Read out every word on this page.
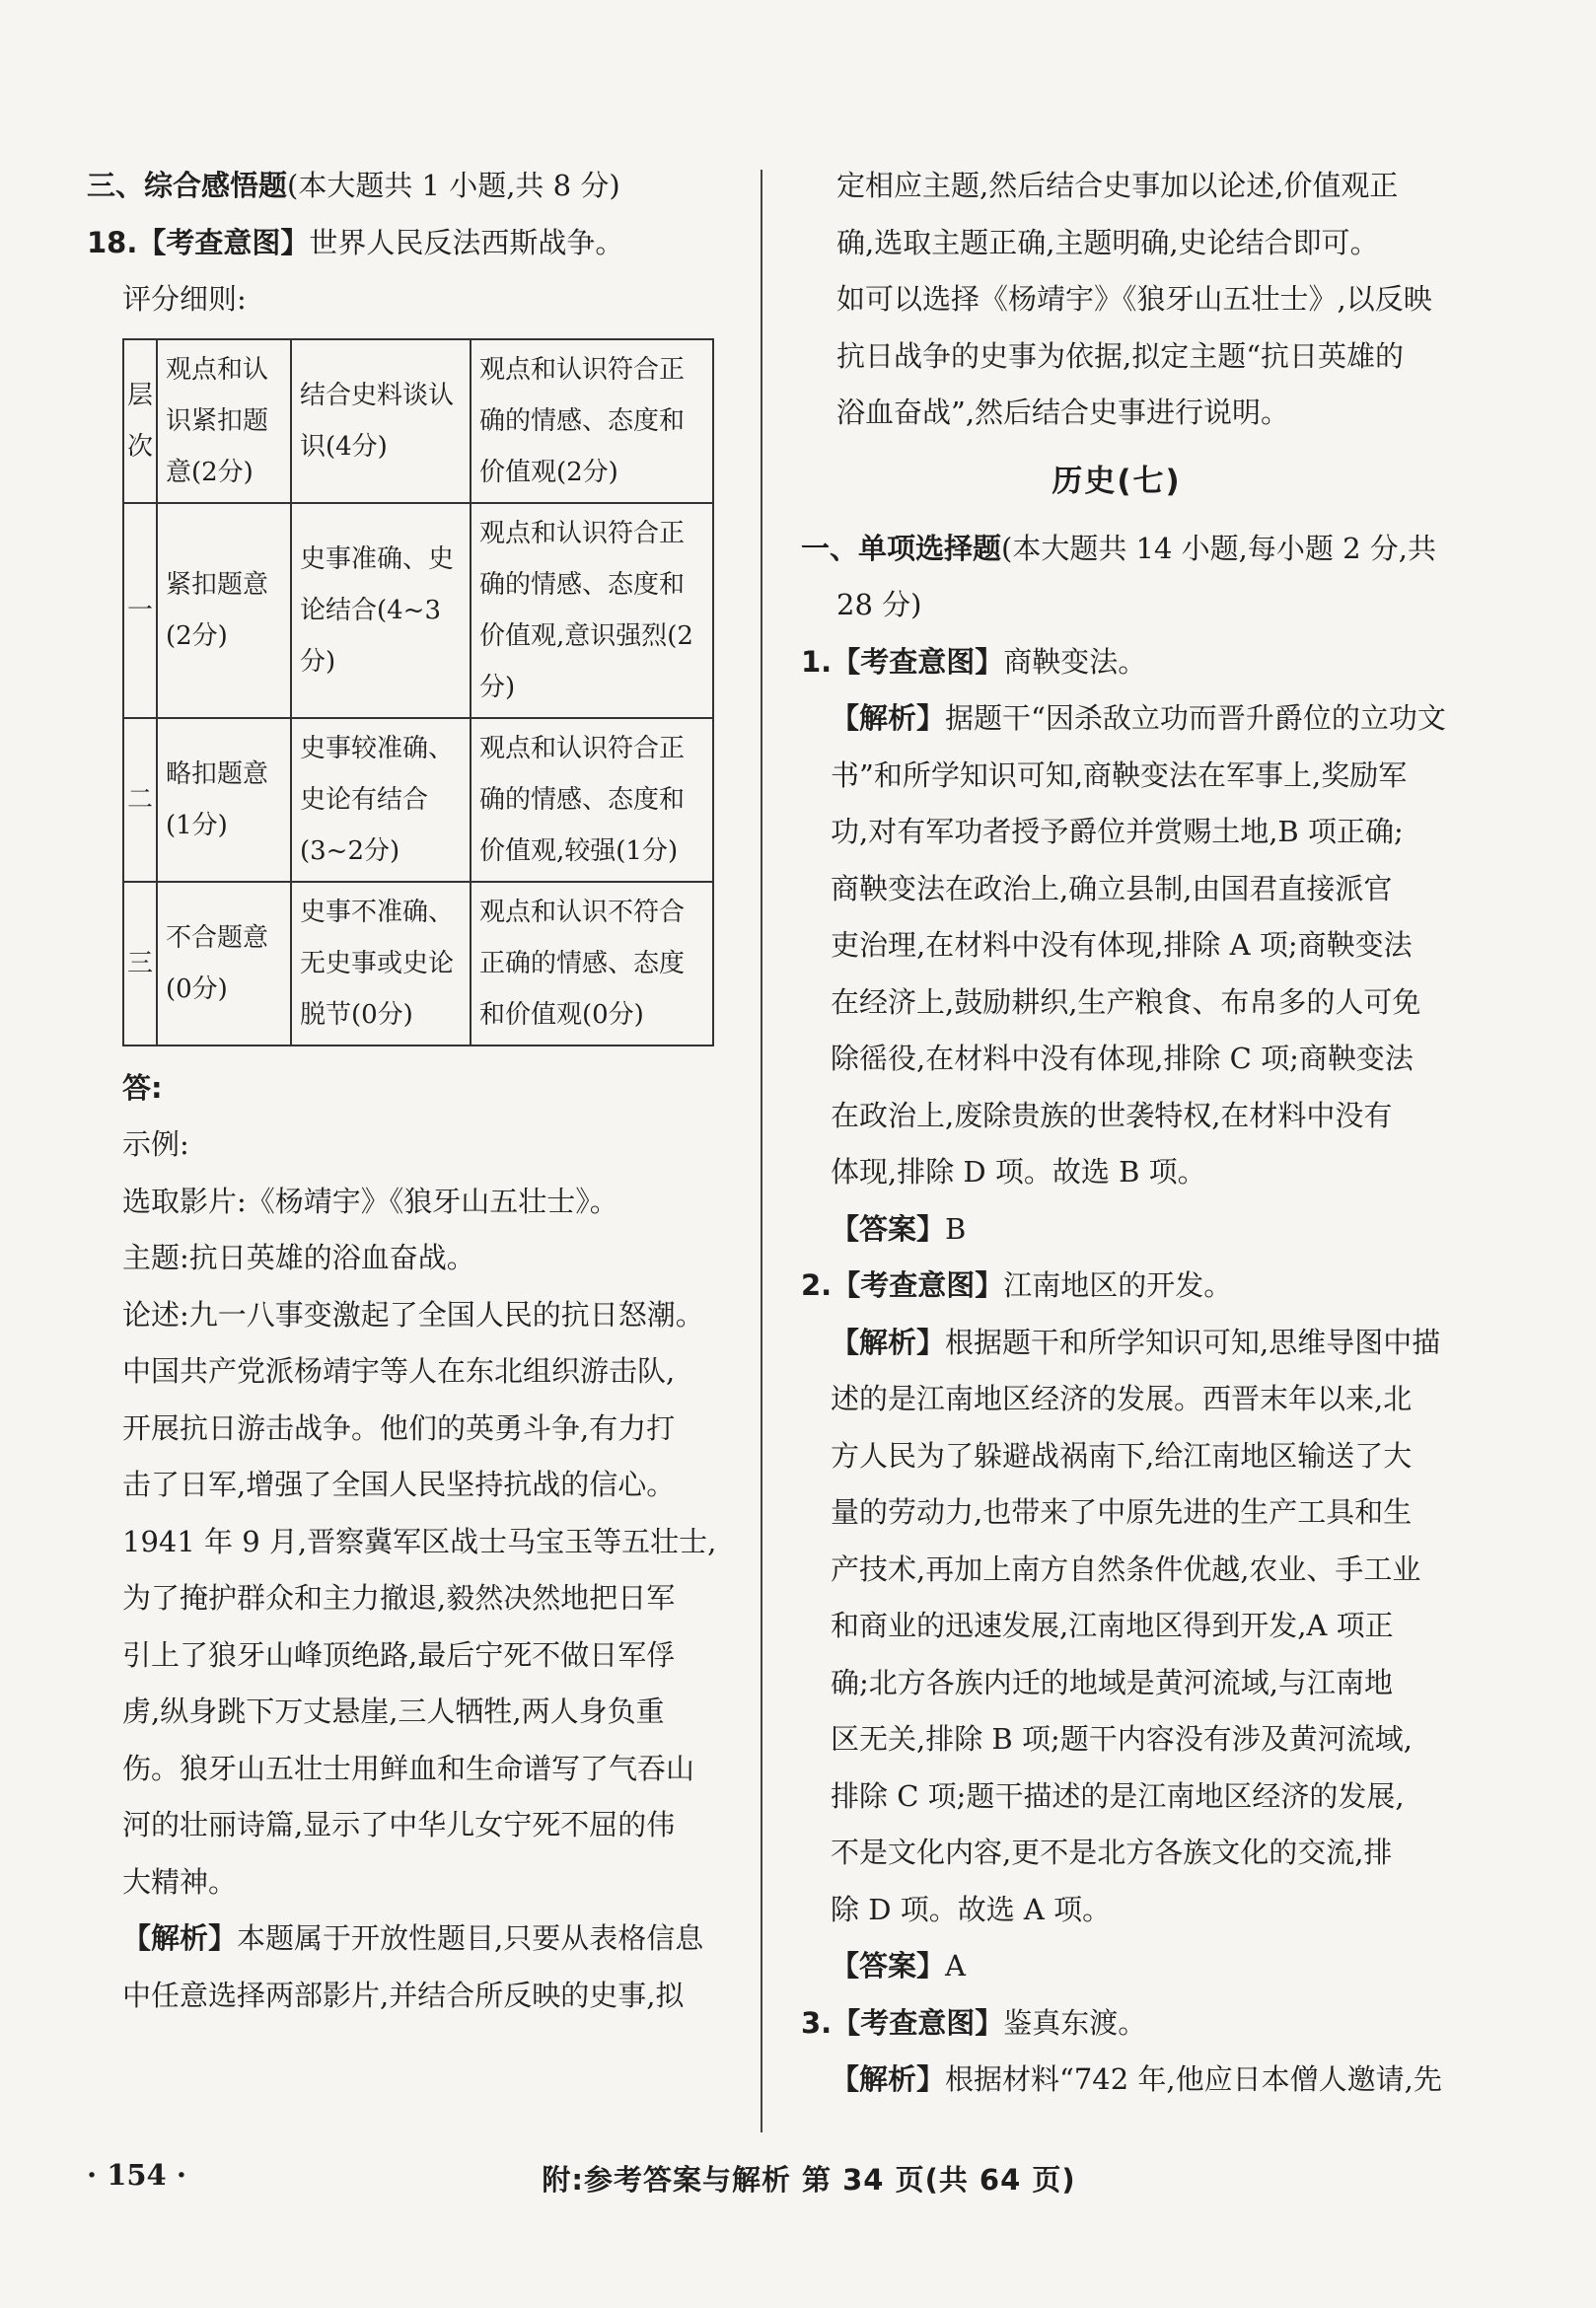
三、综合感悟题(本大题共 1 小题,共 8 分)
18.【考查意图】世界人民反法西斯战争。
评分细则:
层次	观点和认识紧扣题意(2分)	结合史料谈认识(4分)	观点和认识符合正确的情感、态度和价值观(2分)
一	紧扣题意(2分)	史事准确、史论结合(4~3分)	观点和认识符合正确的情感、态度和价值观,意识强烈(2分)
二	略扣题意(1分)	史事较准确、史论有结合(3~2分)	观点和认识符合正确的情感、态度和价值观,较强(1分)
三	不合题意(0分)	史事不准确、无史事或史论脱节(0分)	观点和认识不符合正确的情感、态度和价值观(0分)
答:
示例:
选取影片:《杨靖宇》《狼牙山五壮士》。
主题:抗日英雄的浴血奋战。
论述:九一八事变激起了全国人民的抗日怒潮。
中国共产党派杨靖宇等人在东北组织游击队,
开展抗日游击战争。他们的英勇斗争,有力打
击了日军,增强了全国人民坚持抗战的信心。
1941 年 9 月,晋察冀军区战士马宝玉等五壮士,
为了掩护群众和主力撤退,毅然决然地把日军
引上了狼牙山峰顶绝路,最后宁死不做日军俘
虏,纵身跳下万丈悬崖,三人牺牲,两人身负重
伤。狼牙山五壮士用鲜血和生命谱写了气吞山
河的壮丽诗篇,显示了中华儿女宁死不屈的伟
大精神。
【解析】本题属于开放性题目,只要从表格信息
中任意选择两部影片,并结合所反映的史事,拟
定相应主题,然后结合史事加以论述,价值观正
确,选取主题正确,主题明确,史论结合即可。
如可以选择《杨靖宇》《狼牙山五壮士》,以反映
抗日战争的史事为依据,拟定主题“抗日英雄的
浴血奋战”,然后结合史事进行说明。
历史(七)
一、单项选择题(本大题共 14 小题,每小题 2 分,共
28 分)
1.【考查意图】商鞅变法。
【解析】据题干“因杀敌立功而晋升爵位的立功文
书”和所学知识可知,商鞅变法在军事上,奖励军
功,对有军功者授予爵位并赏赐土地,B 项正确;
商鞅变法在政治上,确立县制,由国君直接派官
吏治理,在材料中没有体现,排除 A 项;商鞅变法
在经济上,鼓励耕织,生产粮食、布帛多的人可免
除徭役,在材料中没有体现,排除 C 项;商鞅变法
在政治上,废除贵族的世袭特权,在材料中没有
体现,排除 D 项。故选 B 项。
【答案】B
2.【考查意图】江南地区的开发。
【解析】根据题干和所学知识可知,思维导图中描
述的是江南地区经济的发展。西晋末年以来,北
方人民为了躲避战祸南下,给江南地区输送了大
量的劳动力,也带来了中原先进的生产工具和生
产技术,再加上南方自然条件优越,农业、手工业
和商业的迅速发展,江南地区得到开发,A 项正
确;北方各族内迁的地域是黄河流域,与江南地
区无关,排除 B 项;题干内容没有涉及黄河流域,
排除 C 项;题干描述的是江南地区经济的发展,
不是文化内容,更不是北方各族文化的交流,排
除 D 项。故选 A 项。
【答案】A
3.【考查意图】鉴真东渡。
【解析】根据材料“742 年,他应日本僧人邀请,先
· 154 ·	附:参考答案与解析 第 34 页(共 64 页)
